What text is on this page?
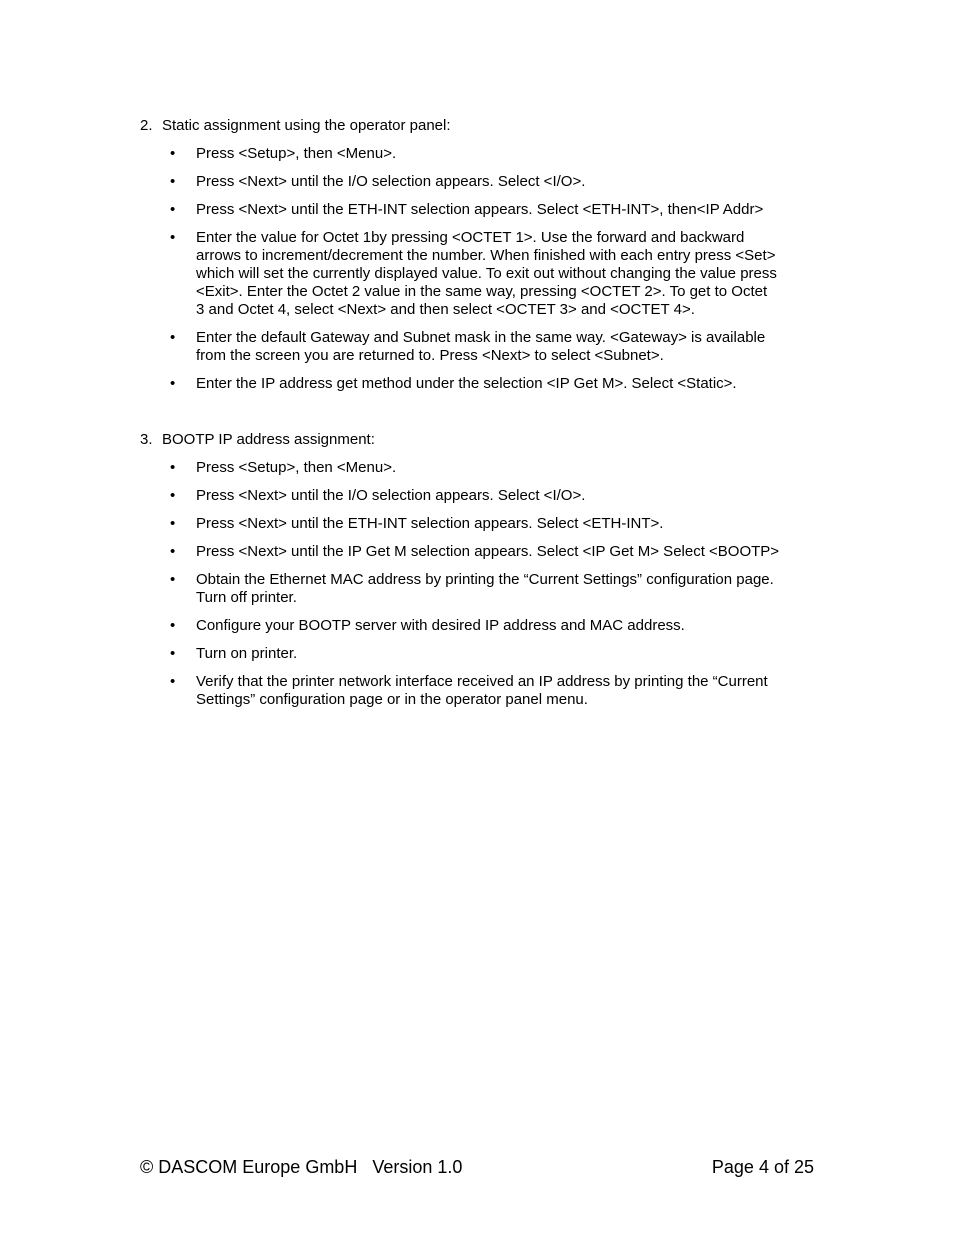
2. Static assignment using the operator panel:
• Press <Setup>, then <Menu>.
• Press <Next> until the I/O selection appears. Select <I/O>.
• Press <Next> until the ETH-INT selection appears. Select <ETH-INT>, then<IP Addr>
• Enter the value for Octet 1by pressing <OCTET 1>. Use the forward and backward
arrows to increment/decrement the number. When finished with each entry press <Set>
which will set the currently displayed value. To exit out without changing the value press
<Exit>. Enter the Octet 2 value in the same way, pressing <OCTET 2>. To get to Octet
3 and Octet 4, select <Next> and then select <OCTET 3> and <OCTET 4>.
• Enter the default Gateway and Subnet mask in the same way. <Gateway> is available
from the screen you are returned to. Press <Next> to select <Subnet>.
• Enter the IP address get method under the selection <IP Get M>. Select <Static>.
3. BOOTP IP address assignment:
• Press <Setup>, then <Menu>.
• Press <Next> until the I/O selection appears. Select <I/O>.
• Press <Next> until the ETH-INT selection appears. Select <ETH-INT>.
• Press <Next> until the IP Get M selection appears. Select <IP Get M> Select <BOOTP>
• Obtain the Ethernet MAC address by printing the “Current Settings” configuration page.
Turn off printer.
• Configure your BOOTP server with desired IP address and MAC address.
• Turn on printer.
• Verify that the printer network interface received an IP address by printing the “Current
Settings” configuration page or in the operator panel menu.
© DASCOM Europe GmbH   Version 1.0	Page 4 of 25
